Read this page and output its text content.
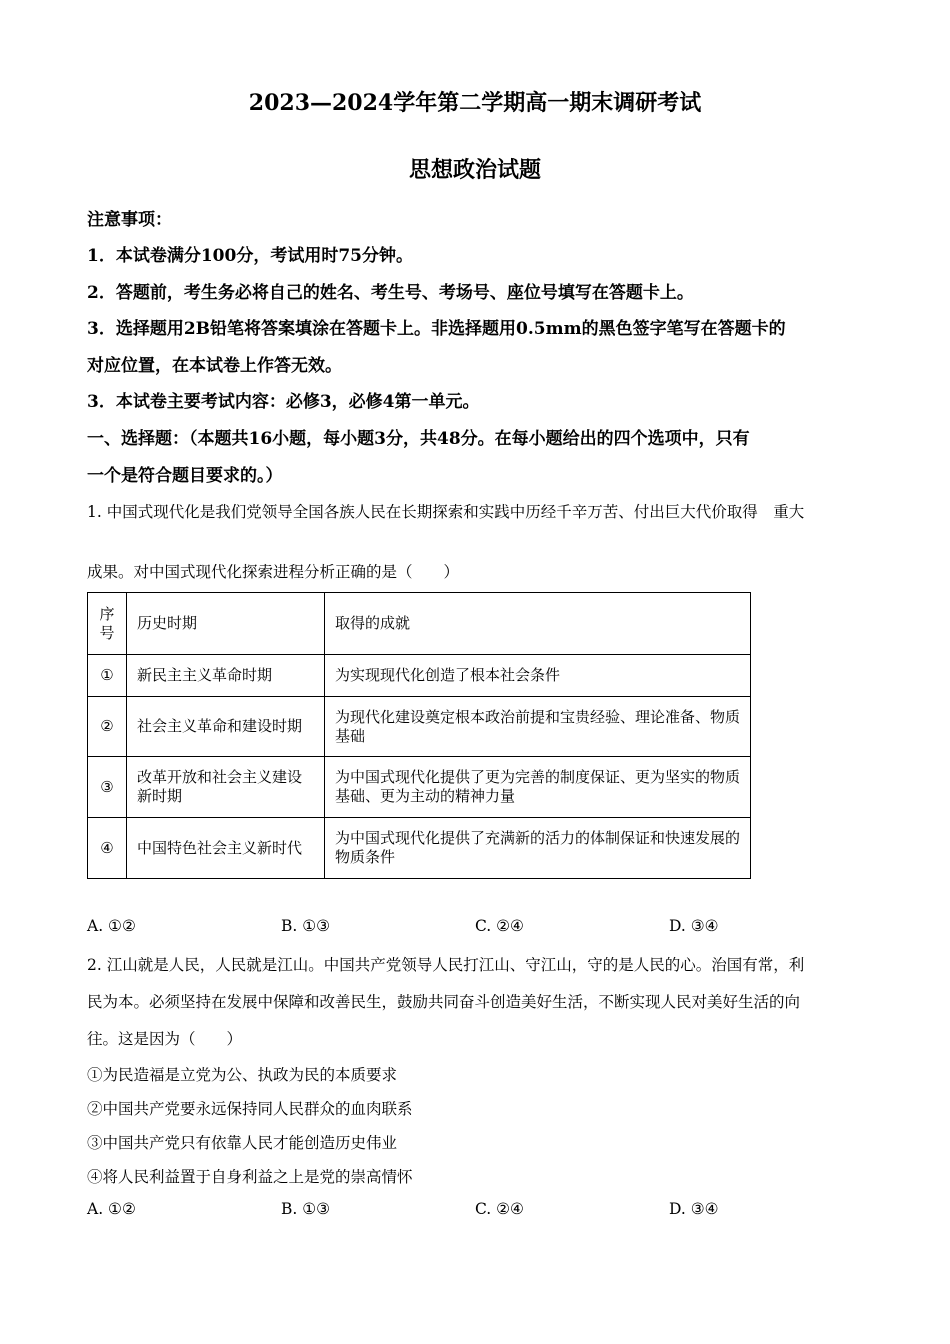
2023—2024学年第二学期高一期末调研考试
思想政治试题
注意事项：
1．本试卷满分100分，考试用时75分钟。
2．答题前，考生务必将自己的姓名、考生号、考场号、座位号填写在答题卡上。
3．选择题用2B铅笔将答案填涂在答题卡上。非选择题用0.5mm的黑色签字笔写在答题卡的
对应位置，在本试卷上作答无效。
3．本试卷主要考试内容：必修3，必修4第一单元。
一、选择题：（本题共16小题，每小题3分，共48分。在每小题给出的四个选项中，只有
一个是符合题目要求的。）
1. 中国式现代化是我们党领导全国各族人民在长期探索和实践中历经千辛万苦、付出巨大代价取得　重大
成果。对中国式现代化探索进程分析正确的是（　　）
序号	历史时期	取得的成就
①	新民主主义革命时期	为实现现代化创造了根本社会条件
②	社会主义革命和建设时期	为现代化建设奠定根本政治前提和宝贵经验、理论准备、物质基础
③	改革开放和社会主义建设新时期	为中国式现代化提供了更为完善的制度保证、更为坚实的物质基础、更为主动的精神力量
④	中国特色社会主义新时代	为中国式现代化提供了充满新的活力的体制保证和快速发展的物质条件
A. ①②	B. ①③	C. ②④	D. ③④
2. 江山就是人民，人民就是江山。中国共产党领导人民打江山、守江山，守的是人民的心。治国有常，利
民为本。必须坚持在发展中保障和改善民生，鼓励共同奋斗创造美好生活，不断实现人民对美好生活的向
往。这是因为（　　）
①为民造福是立党为公、执政为民的本质要求
②中国共产党要永远保持同人民群众的血肉联系
③中国共产党只有依靠人民才能创造历史伟业
④将人民利益置于自身利益之上是党的崇高情怀
A. ①②	B. ①③	C. ②④	D. ③④
